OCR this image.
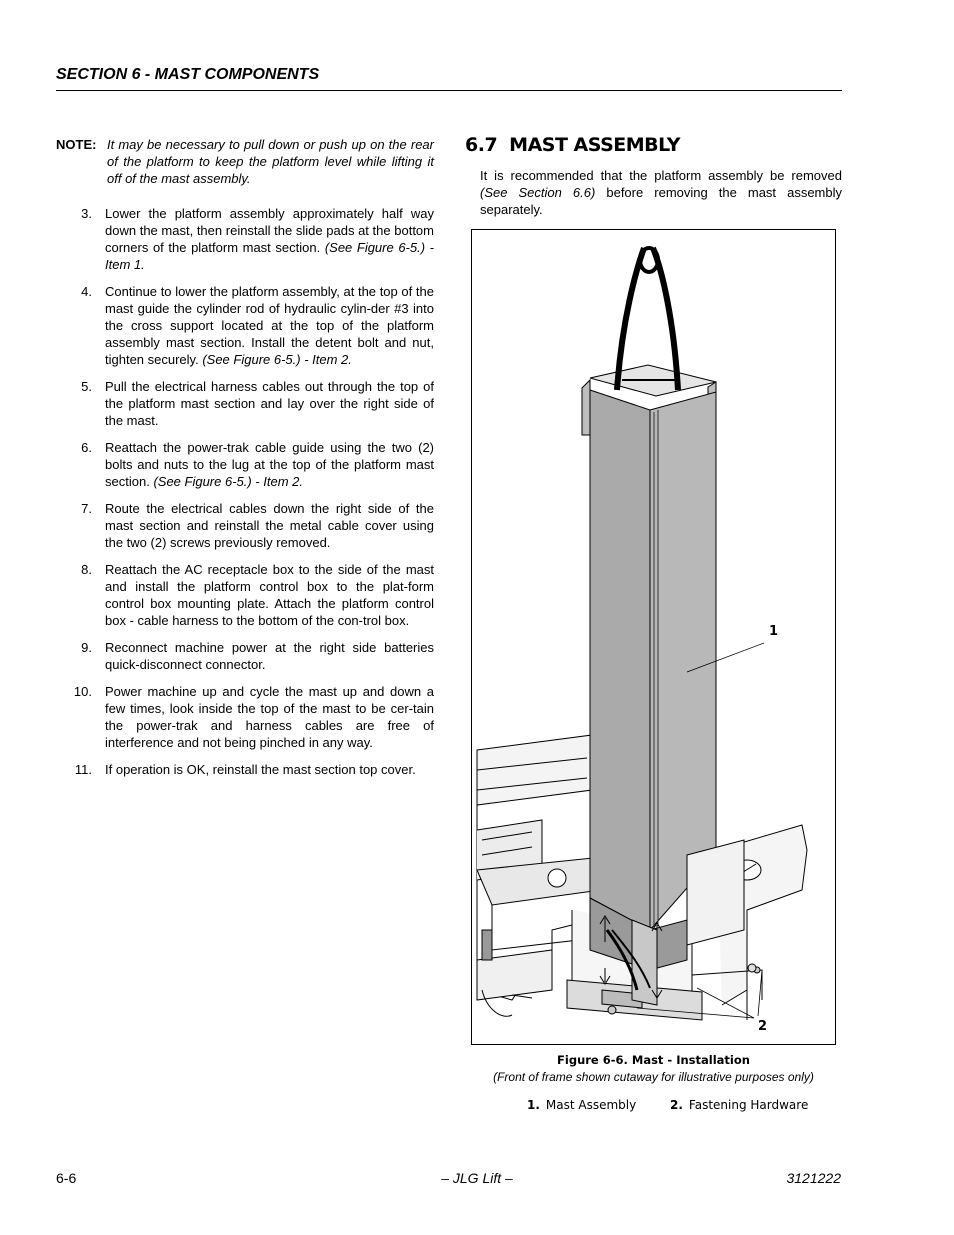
SECTION 6 - MAST COMPONENTS
NOTE: It may be necessary to pull down or push up on the rear of the platform to keep the platform level while lifting it off of the mast assembly.
3. Lower the platform assembly approximately half way down the mast, then reinstall the slide pads at the bottom corners of the platform mast section. (See Figure 6-5.) - Item 1.
4. Continue to lower the platform assembly, at the top of the mast guide the cylinder rod of hydraulic cylin-der #3 into the cross support located at the top of the platform assembly mast section. Install the detent bolt and nut, tighten securely. (See Figure 6-5.) - Item 2.
5. Pull the electrical harness cables out through the top of the platform mast section and lay over the right side of the mast.
6. Reattach the power-trak cable guide using the two (2) bolts and nuts to the lug at the top of the platform mast section. (See Figure 6-5.) - Item 2.
7. Route the electrical cables down the right side of the mast section and reinstall the metal cable cover using the two (2) screws previously removed.
8. Reattach the AC receptacle box to the side of the mast and install the platform control box to the plat-form control box mounting plate. Attach the platform control box - cable harness to the bottom of the con-trol box.
9. Reconnect machine power at the right side batteries quick-disconnect connector.
10. Power machine up and cycle the mast up and down a few times, look inside the top of the mast to be cer-tain the power-trak and harness cables are free of interference and not being pinched in any way.
11. If operation is OK, reinstall the mast section top cover.
6.7 MAST ASSEMBLY
It is recommended that the platform assembly be removed (See Section 6.6) before removing the mast assembly separately.
1
2
Figure 6-6. Mast - Installation
(Front of frame shown cutaway for illustrative purposes only)
1. Mast Assembly	2. Fastening Hardware
6-6	– JLG Lift –	3121222
